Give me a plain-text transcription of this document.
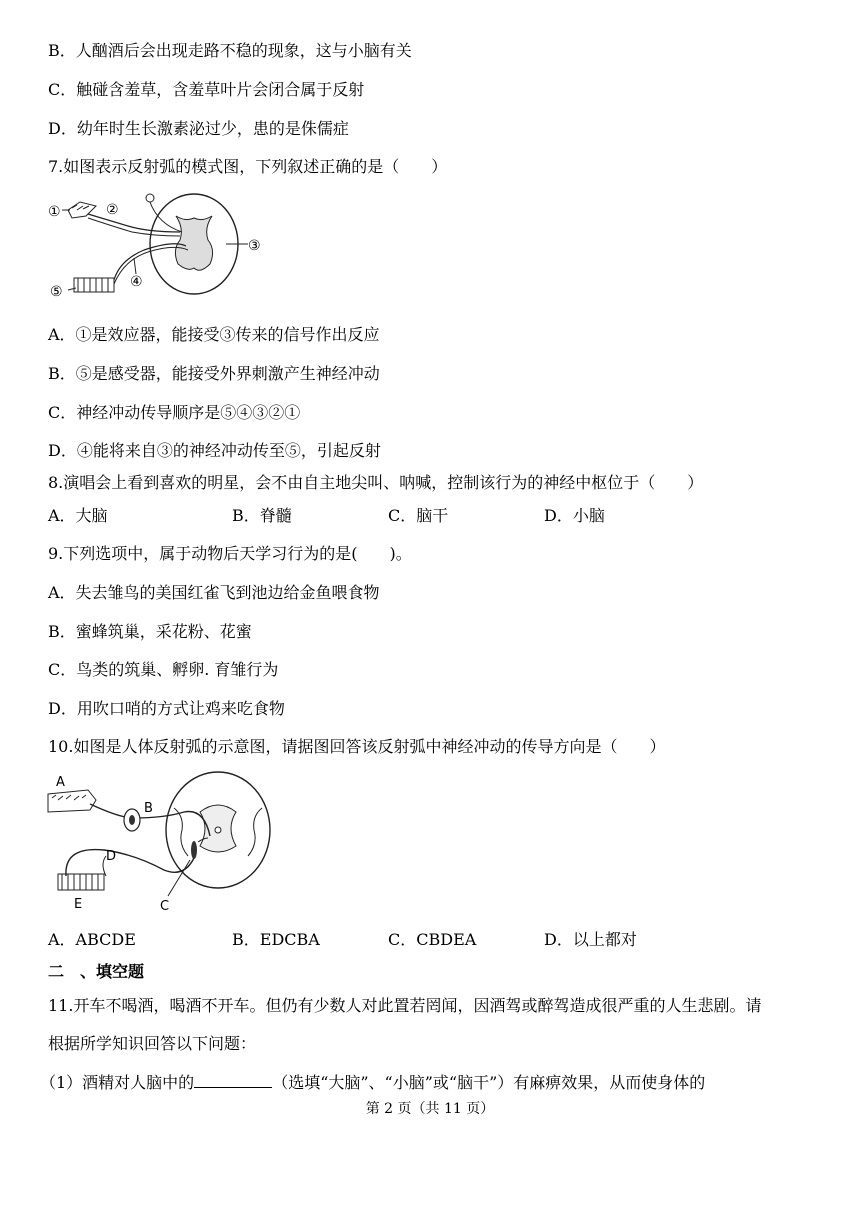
B．人酗酒后会出现走路不稳的现象，这与小脑有关
C．触碰含羞草，含羞草叶片会闭合属于反射
D．幼年时生长激素泌过少，患的是侏儒症
7.如图表示反射弧的模式图，下列叙述正确的是（　　）
①	②
③
④
⑤
A．①是效应器，能接受③传来的信号作出反应
B．⑤是感受器，能接受外界刺激产生神经冲动
C．神经冲动传导顺序是⑤④③②①
D．④能将来自③的神经冲动传至⑤，引起反射
8.演唱会上看到喜欢的明星，会不由自主地尖叫、呐喊，控制该行为的神经中枢位于（　　）
A．大脑	B．脊髓	C．脑干	D．小脑
9.下列选项中，属于动物后天学习行为的是(　　)。
A．失去雏鸟的美国红雀飞到池边给金鱼喂食物
B．蜜蜂筑巢，采花粉、花蜜
C．鸟类的筑巢、孵卵. 育雏行为
D．用吹口哨的方式让鸡来吃食物
10.如图是人体反射弧的示意图，请据图回答该反射弧中神经冲动的传导方向是（　　）
A
B
C
D
E
A．ABCDE	B．EDCBA	C．CBDEA	D．以上都对
二　、填空题
11.开车不喝酒，喝酒不开车。但仍有少数人对此置若罔闻，因酒驾或醉驾造成很严重的人生悲剧。请
根据所学知识回答以下问题：
（1）酒精对人脑中的	（选填“大脑”、“小脑”或“脑干”）有麻痹效果，从而使身体的
第 2 页（共 11 页）
